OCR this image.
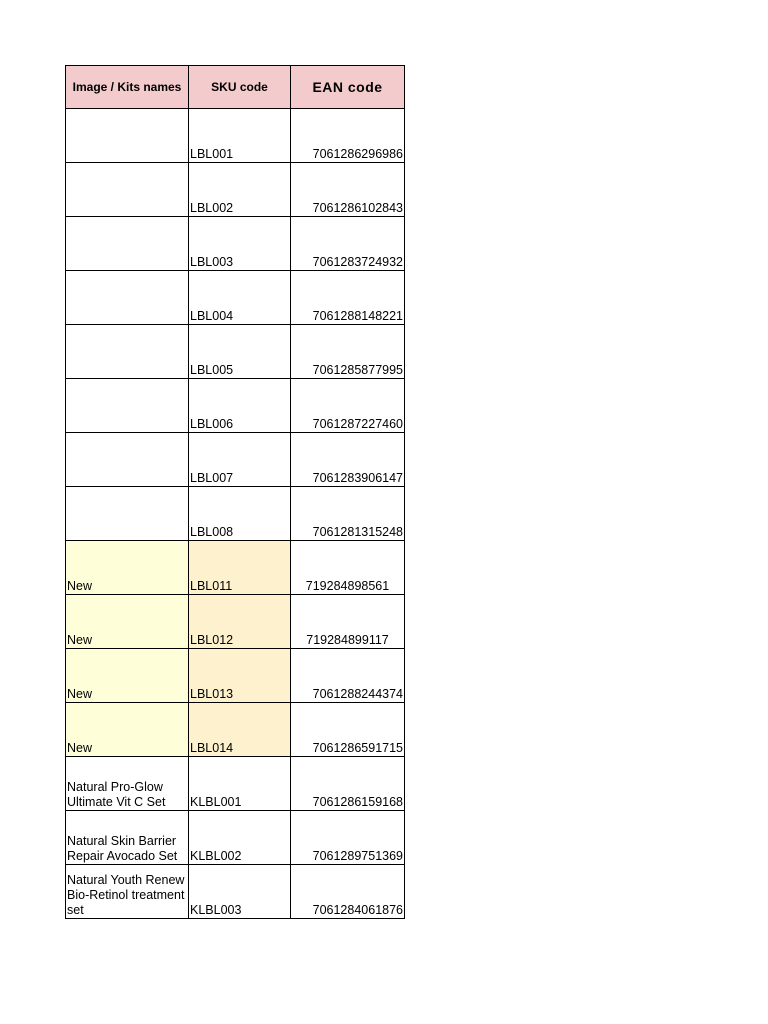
Image / Kits names	SKU code	EAN code
	LBL001	7061286296986
	LBL002	7061286102843
	LBL003	7061283724932
	LBL004	7061288148221
	LBL005	7061285877995
	LBL006	7061287227460
	LBL007	7061283906147
	LBL008	7061281315248
New	LBL011	719284898561
New	LBL012	719284899117
New	LBL013	7061288244374
New	LBL014	7061286591715
Natural Pro-Glow Ultimate Vit C Set	KLBL001	7061286159168
Natural Skin Barrier Repair Avocado Set	KLBL002	7061289751369
Natural Youth Renew Bio-Retinol treatment set	KLBL003	7061284061876
